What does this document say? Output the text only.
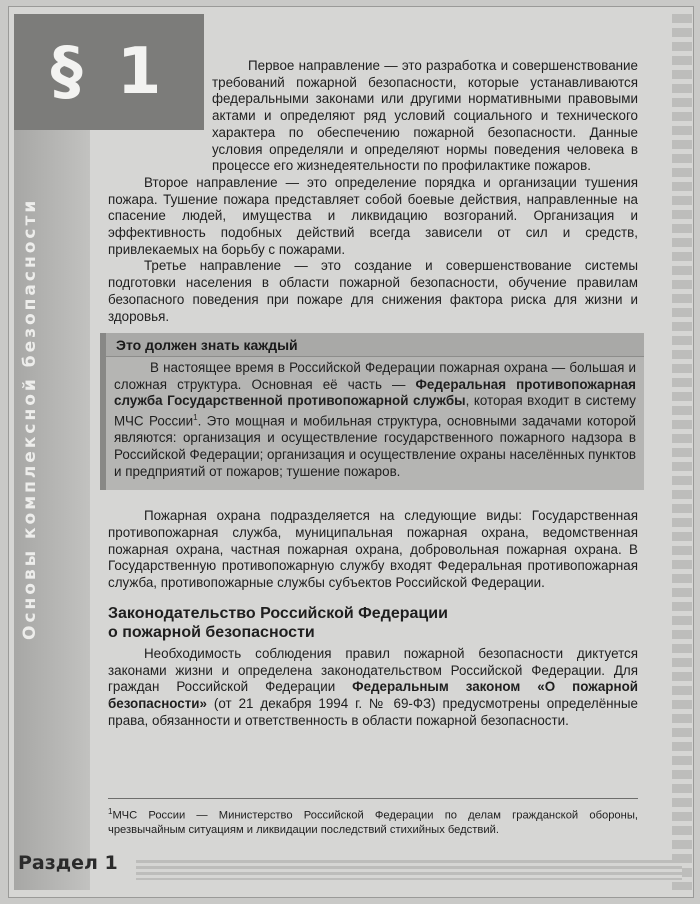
§ 1
Основы комплексной безопасности

Первое направление — это разработка и совершенствование требований пожарной безопасности, которые устанавливаются федеральными законами или другими нормативными правовыми актами и определяют ряд условий социального и технического характера по обеспечению пожарной безопасности. Данные условия определяли и определяют нормы поведения человека в процессе его жизнедеятельности по профилактике пожаров.

Второе направление — это определение порядка и организации тушения пожара. Тушение пожара представляет собой боевые действия, направленные на спасение людей, имущества и ликвидацию возгораний. Организация и эффективность подобных действий всегда зависели от сил и средств, привлекаемых на борьбу с пожарами.

Третье направление — это создание и совершенствование системы подготовки населения в области пожарной безопасности, обучение правилам безопасного поведения при пожаре для снижения фактора риска для жизни и здоровья.

Это должен знать каждый

В настоящее время в Российской Федерации пожарная охрана — большая и сложная структура. Основная её часть — Федеральная противопожарная служба Государственной противопожарной службы, которая входит в систему МЧС России$^1$. Это мощная и мобильная структура, основными задачами которой являются: организация и осуществление государственного пожарного надзора в Российской Федерации; организация и осуществление охраны населённых пунктов и предприятий от пожаров; тушение пожаров.

Пожарная охрана подразделяется на следующие виды: Государственная противопожарная служба, муниципальная пожарная охрана, ведомственная пожарная охрана, частная пожарная охрана, добровольная пожарная охрана. В Государственную противопожарную службу входят Федеральная противопожарная служба, противопожарные службы субъектов Российской Федерации.

Законодательство Российской Федерации
о пожарной безопасности

Необходимость соблюдения правил пожарной безопасности диктуется законами жизни и определена законодательством Российской Федерации. Для граждан Российской Федерации Федеральным законом «О пожарной безопасности» (от 21 декабря 1994 г. № 69-ФЗ) предусмотрены определённые права, обязанности и ответственность в области пожарной безопасности.

$^1$МЧС России — Министерство Российской Федерации по делам гражданской обороны, чрезвычайным ситуациям и ликвидации последствий стихийных бедствий.
Раздел 1
